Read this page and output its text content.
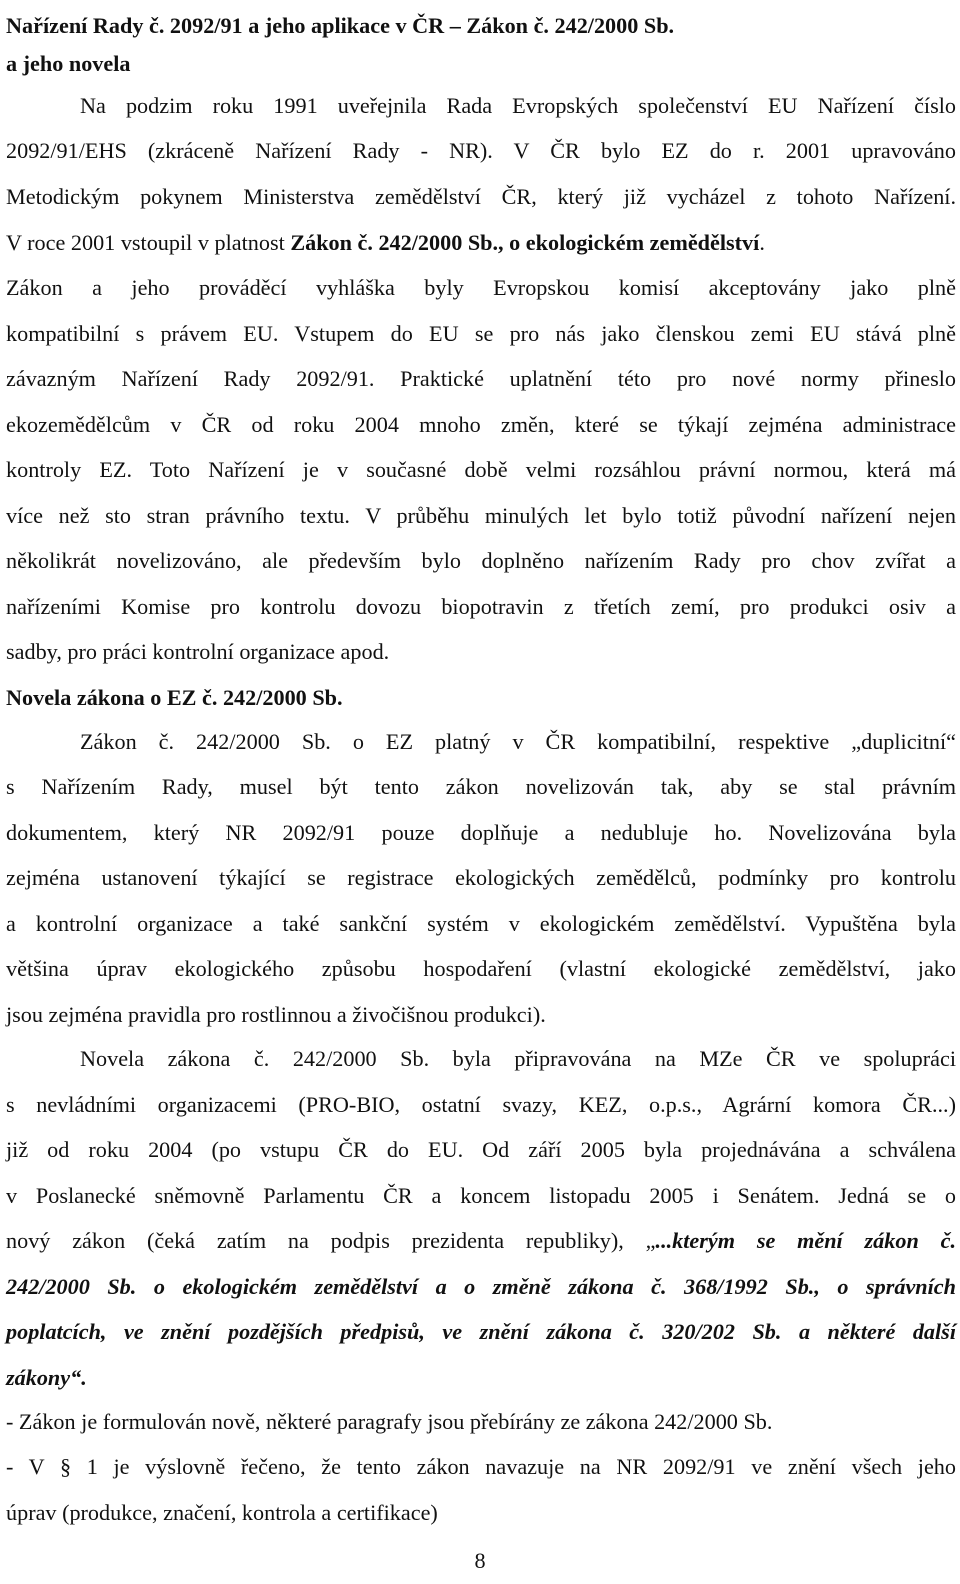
Nařízení Rady č. 2092/91 a jeho aplikace v ČR – Zákon č. 242/2000 Sb.
a jeho novela
Na podzim roku 1991 uveřejnila Rada Evropských společenství EU Nařízení číslo
2092/91/EHS (zkráceně Nařízení Rady - NR). V ČR bylo EZ do r. 2001 upravováno
Metodickým pokynem Ministerstva zemědělství ČR, který již vycházel z tohoto Nařízení.
V roce 2001 vstoupil v platnost Zákon č. 242/2000 Sb., o ekologickém zemědělství.
Zákon a jeho prováděcí vyhláška byly Evropskou komisí akceptovány jako plně
kompatibilní s právem EU. Vstupem do EU se pro nás jako členskou zemi EU stává plně
závazným Nařízení Rady 2092/91. Praktické uplatnění této pro nové normy přineslo
ekozemědělcům v ČR od roku 2004 mnoho změn, které se týkají zejména administrace
kontroly EZ. Toto Nařízení je v současné době velmi rozsáhlou právní normou, která má
více než sto stran právního textu. V průběhu minulých let bylo totiž původní nařízení nejen
několikrát novelizováno, ale především bylo doplněno nařízením Rady pro chov zvířat a
nařízeními Komise pro kontrolu dovozu biopotravin z třetích zemí, pro produkci osiv a
sadby, pro práci kontrolní organizace apod.
Novela zákona o EZ č. 242/2000 Sb.
Zákon č. 242/2000 Sb. o EZ platný v ČR kompatibilní, respektive „duplicitní“
s Nařízením Rady, musel být tento zákon novelizován tak, aby se stal právním
dokumentem, který NR 2092/91 pouze doplňuje a nedubluje ho. Novelizována byla
zejména ustanovení týkající se registrace ekologických zemědělců, podmínky pro kontrolu
a kontrolní organizace a také sankční systém v ekologickém zemědělství. Vypuštěna byla
většina úprav ekologického způsobu hospodaření (vlastní ekologické zemědělství, jako
jsou zejména pravidla pro rostlinnou a živočišnou produkci).
Novela zákona č. 242/2000 Sb. byla připravována na MZe ČR ve spolupráci
s nevládními organizacemi (PRO-BIO, ostatní svazy, KEZ, o.p.s., Agrární komora ČR...)
již od roku 2004 (po vstupu ČR do EU. Od září 2005 byla projednávána a schválena
v Poslanecké sněmovně Parlamentu ČR a koncem listopadu 2005 i Senátem. Jedná se o
nový zákon (čeká zatím na podpis prezidenta republiky), „...kterým se mění zákon č.
242/2000 Sb. o ekologickém zemědělství a o změně zákona č. 368/1992 Sb., o správních
poplatcích, ve znění pozdějších předpisů, ve znění zákona č. 320/202 Sb. a některé další
zákony“.
- Zákon je formulován nově, některé paragrafy jsou přebírány ze zákona 242/2000 Sb.
- V § 1 je výslovně řečeno, že tento zákon navazuje na NR 2092/91 ve znění všech jeho
úprav (produkce, značení, kontrola a certifikace)
8
